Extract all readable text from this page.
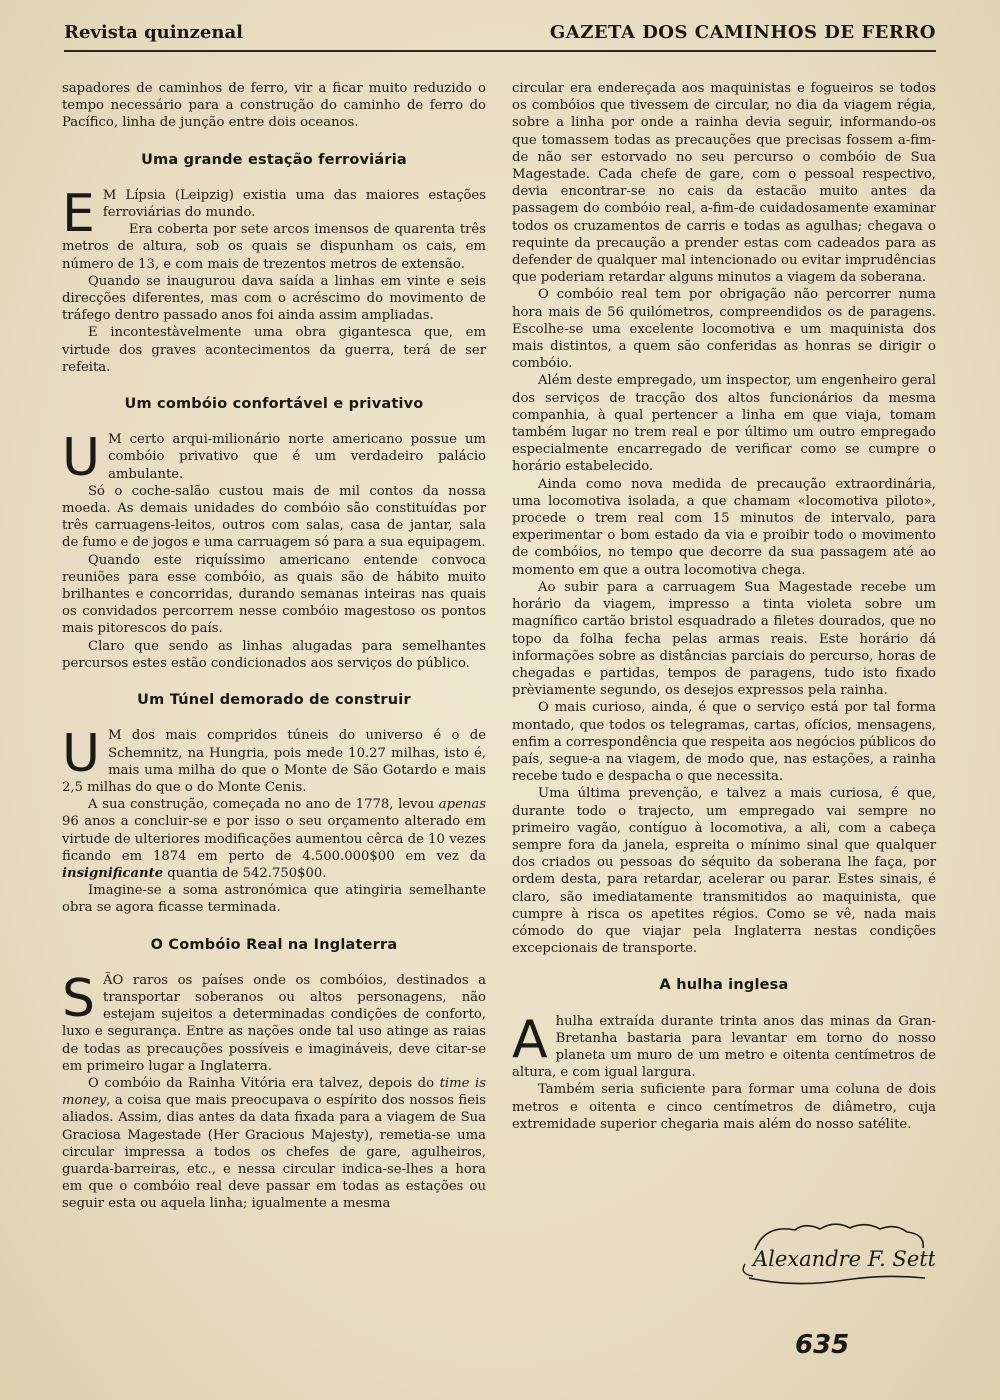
Revista quinzenal	GAZETA DOS CAMINHOS DE FERRO

sapadores de caminhos de ferro, vir a ficar muito reduzido o tempo necessário para a construção do caminho de ferro do Pacífico, linha de junção entre dois oceanos.

Uma grande estação ferroviária

E M Lípsia (Leipzig) existia uma das maiores estações ferroviárias do mundo.

Era coberta por sete arcos imensos de quarenta três metros de altura, sob os quais se dispunham os cais, em número de 13, e com mais de trezentos metros de extensão.

Quando se inaugurou dava saída a linhas em vinte e seis direcções diferentes, mas com o acréscimo do movimento de tráfego dentro passado anos foi ainda assim ampliadas.

E incontestàvelmente uma obra gigantesca que, em virtude dos graves acontecimentos da guerra, terá de ser refeita.

Um combóio confortável e privativo

U M certo arqui-milionário norte americano possue um combóio privativo que é um verdadeiro palácio ambulante.

Só o coche-salão custou mais de mil contos da nossa moeda. As demais unidades do combóio são constituídas por três carruagens-leitos, outros com salas, casa de jantar, sala de fumo e de jogos e uma carruagem só para a sua equipagem.

Quando este riquíssimo americano entende convoca reuniões para esse combóio, as quais são de hábito muito brilhantes e concorridas, durando semanas inteiras nas quais os convidados percorrem nesse combóio magestoso os pontos mais pitorescos do país.

Claro que sendo as linhas alugadas para semelhantes percursos estes estão condicionados aos serviços do público.

Um Túnel demorado de construir

U M dos mais compridos túneis do universo é o de Schemnitz, na Hungria, pois mede 10.27 milhas, isto é, mais uma milha do que o Monte de São Gotardo e mais 2,5 milhas do que o do Monte Cenis.

A sua construção, começada no ano de 1778, levou apenas 96 anos a concluir-se e por isso o seu orçamento alterado em virtude de ulteriores modificações aumentou cêrca de 10 vezes ficando em 1874 em perto de 4.500.000$00 em vez da insignificante quantia de 542.750$00.

Imagine-se a soma astronómica que atingiria semelhante obra se agora ficasse terminada.

O Combóio Real na Inglaterra

SÃO raros os países onde os combóios, destinados a transportar soberanos ou altos personagens, não estejam sujeitos a determinadas condições de conforto, luxo e segurança. Entre as nações onde tal uso atinge as raias de todas as precauções possíveis e imagináveis, deve citar-se em primeiro lugar a Inglaterra.

O combóio da Rainha Vitória era talvez, depois do time is money, a coisa que mais preocupava o espírito dos nossos fieis aliados. Assim, dias antes da data fixada para a viagem de Sua Graciosa Magestade (Her Gracious Majesty), remetia-se uma circular impressa a todos os chefes de gare, agulheiros, guarda-barreiras, etc., e nessa circular indica-se-lhes a hora em que o combóio real deve passar em todas as estações ou seguir esta ou aquela linha; igualmente a mesma

circular era endereçada aos maquinistas e fogueiros se todos os combóios que tivessem de circular, no dia da viagem régia, sobre a linha por onde a rainha devia seguir, informando-os que tomassem todas as precauções que precisas fossem a-fim-de não ser estorvado no seu percurso o combóio de Sua Magestade. Cada chefe de gare, com o pessoal respectivo, devia encontrar-se no cais da estacão muito antes da passagem do combóio real, a-fim-de cuidadosamente examinar todos os cruzamentos de carris e todas as agulhas; chegava o requinte da precaução a prender estas com cadeados para as defender de qualquer mal intencionado ou evitar imprudências que poderiam retardar alguns minutos a viagem da soberana.

O combóio real tem por obrigação não percorrer numa hora mais de 56 quilómetros, compreendidos os de paragens. Escolhe-se uma excelente locomotiva e um maquinista dos mais distintos, a quem são conferidas as honras se dirigir o combóio.

Além deste empregado, um inspector, um engenheiro geral dos serviços de tracção dos altos funcionários da mesma companhia, à qual pertencer a linha em que viaja, tomam também lugar no trem real e por último um outro empregado especialmente encarregado de verificar como se cumpre o horário estabelecido.

Ainda como nova medida de precaução extraordinária, uma locomotiva isolada, a que chamam «locomotiva piloto», procede o trem real com 15 minutos de intervalo, para experimentar o bom estado da via e proibir todo o movimento de combóios, no tempo que decorre da sua passagem até ao momento em que a outra locomotiva chega.

Ao subir para a carruagem Sua Magestade recebe um horário da viagem, impresso a tinta violeta sobre um magnífico cartão bristol esquadrado a filetes dourados, que no topo da folha fecha pelas armas reais. Este horário dá informações sobre as distâncias parciais do percurso, horas de chegadas e partidas, tempos de paragens, tudo isto fixado prèviamente segundo, os desejos expressos pela rainha.

O mais curioso, ainda, é que o serviço está por tal forma montado, que todos os telegramas, cartas, ofícios, mensagens, enfim a correspondência que respeita aos negócios públicos do país, segue-a na viagem, de modo que, nas estações, a rainha recebe tudo e despacha o que necessita.

Uma última prevenção, e talvez a mais curiosa, é que, durante todo o trajecto, um empregado vai sempre no primeiro vagão, contíguo à locomotiva, a ali, com a cabeça sempre fora da janela, espreita o mínimo sinal que qualquer dos criados ou pessoas do séquito da soberana lhe faça, por ordem desta, para retardar, acelerar ou parar. Estes sinais, é claro, são imediatamente transmitidos ao maquinista, que cumpre à risca os apetites régios. Como se vê, nada mais cómodo do que viajar pela Inglaterra nestas condições excepcionais de transporte.

A hulha inglesa

Ahulha extraída durante trinta anos das minas da Gran-Bretanha bastaria para levantar em torno do nosso planeta um muro de um metro e oitenta centímetros de altura, e com igual largura.

Também seria suficiente para formar uma coluna de dois metros e oitenta e cinco centímetros de diâmetro, cuja extremidade superior chegaria mais além do nosso satélite.

Alexandre F. Setta
635
